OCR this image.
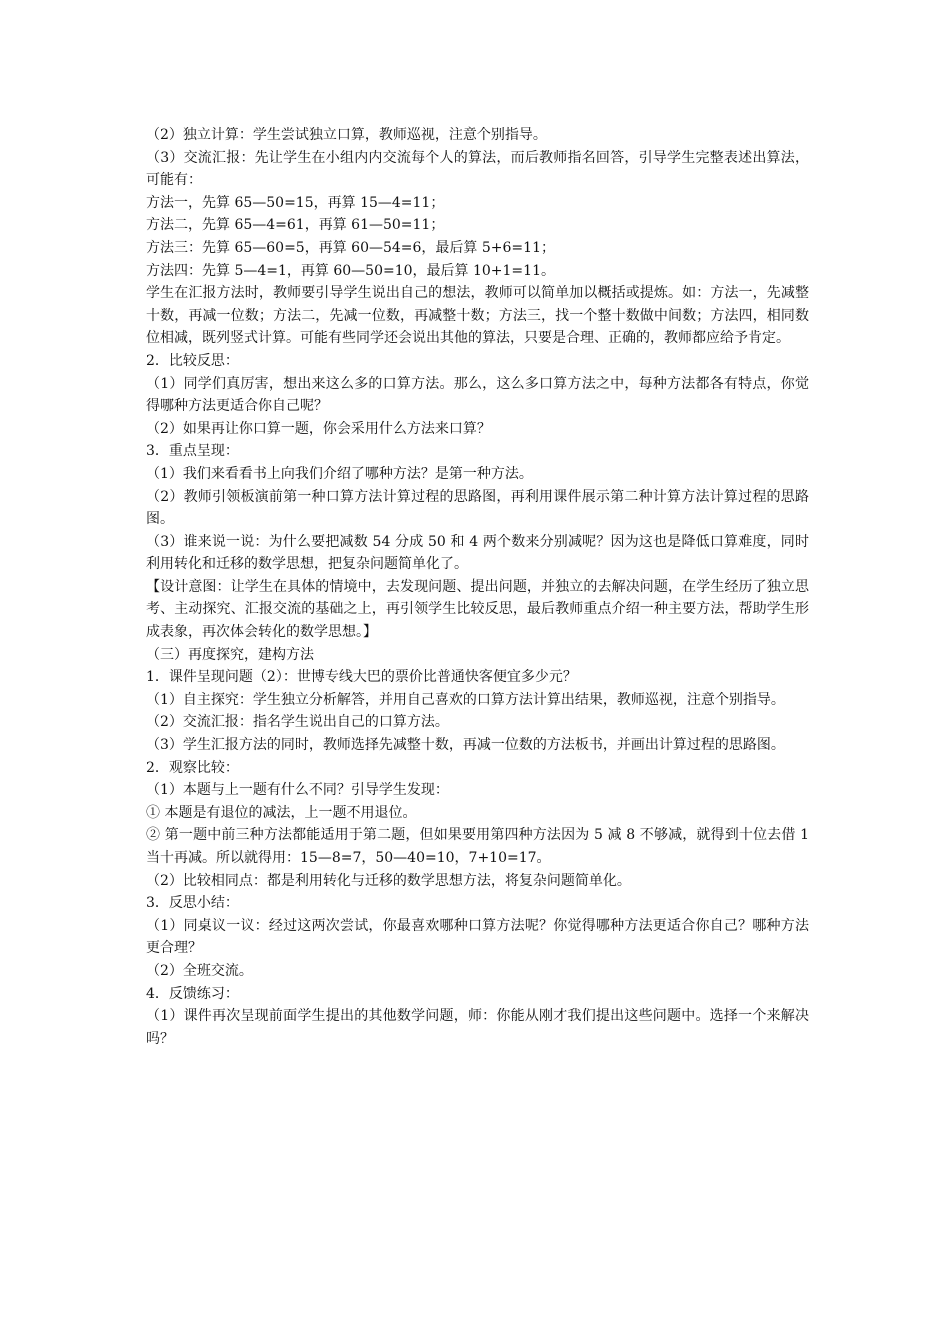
（2）独立计算：学生尝试独立口算，教师巡视，注意个别指导。

（3）交流汇报：先让学生在小组内内交流每个人的算法，而后教师指名回答，引导学生完整表述出算法，可能有：

方法一，先算 65—50=15，再算 15—4=11；

方法二，先算 65—4=61，再算 61—50=11；

方法三：先算 65—60=5，再算 60—54=6，最后算 5+6=11；

方法四：先算 5—4=1，再算 60—50=10，最后算 10+1=11。

学生在汇报方法时，教师要引导学生说出自己的想法，教师可以简单加以概括或提炼。如：方法一，先减整十数，再减一位数；方法二，先减一位数，再减整十数；方法三，找一个整十数做中间数；方法四，相同数位相减，既列竖式计算。可能有些同学还会说出其他的算法，只要是合理、正确的，教师都应给予肯定。

2．比较反思：

（1）同学们真厉害，想出来这么多的口算方法。那么，这么多口算方法之中，每种方法都各有特点，你觉得哪种方法更适合你自己呢？

（2）如果再让你口算一题，你会采用什么方法来口算？

3．重点呈现：

（1）我们来看看书上向我们介绍了哪种方法？是第一种方法。

（2）教师引领板演前第一种口算方法计算过程的思路图，再利用课件展示第二种计算方法计算过程的思路图。

（3）谁来说一说：为什么要把减数 54 分成 50 和 4 两个数来分别减呢？因为这也是降低口算难度，同时利用转化和迁移的数学思想，把复杂问题简单化了。

【设计意图：让学生在具体的情境中，去发现问题、提出问题，并独立的去解决问题，在学生经历了独立思考、主动探究、汇报交流的基础之上，再引领学生比较反思，最后教师重点介绍一种主要方法，帮助学生形成表象，再次体会转化的数学思想。】

（三）再度探究，建构方法

1．课件呈现问题（2）：世博专线大巴的票价比普通快客便宜多少元？

（1）自主探究：学生独立分析解答，并用自己喜欢的口算方法计算出结果，教师巡视，注意个别指导。

（2）交流汇报：指名学生说出自己的口算方法。

（3）学生汇报方法的同时，教师选择先减整十数，再减一位数的方法板书，并画出计算过程的思路图。

2．观察比较：

（1）本题与上一题有什么不同？引导学生发现：

① 本题是有退位的减法，上一题不用退位。

② 第一题中前三种方法都能适用于第二题，但如果要用第四种方法因为 5 减 8 不够减，就得到十位去借 1 当十再减。所以就得用：15—8=7，50—40=10，7+10=17。

（2）比较相同点：都是利用转化与迁移的数学思想方法，将复杂问题简单化。

3．反思小结：

（1）同桌议一议：经过这两次尝试，你最喜欢哪种口算方法呢？你觉得哪种方法更适合你自己？哪种方法更合理？

（2）全班交流。

4．反馈练习：

（1）课件再次呈现前面学生提出的其他数学问题，师：你能从刚才我们提出这些问题中。选择一个来解决吗？
